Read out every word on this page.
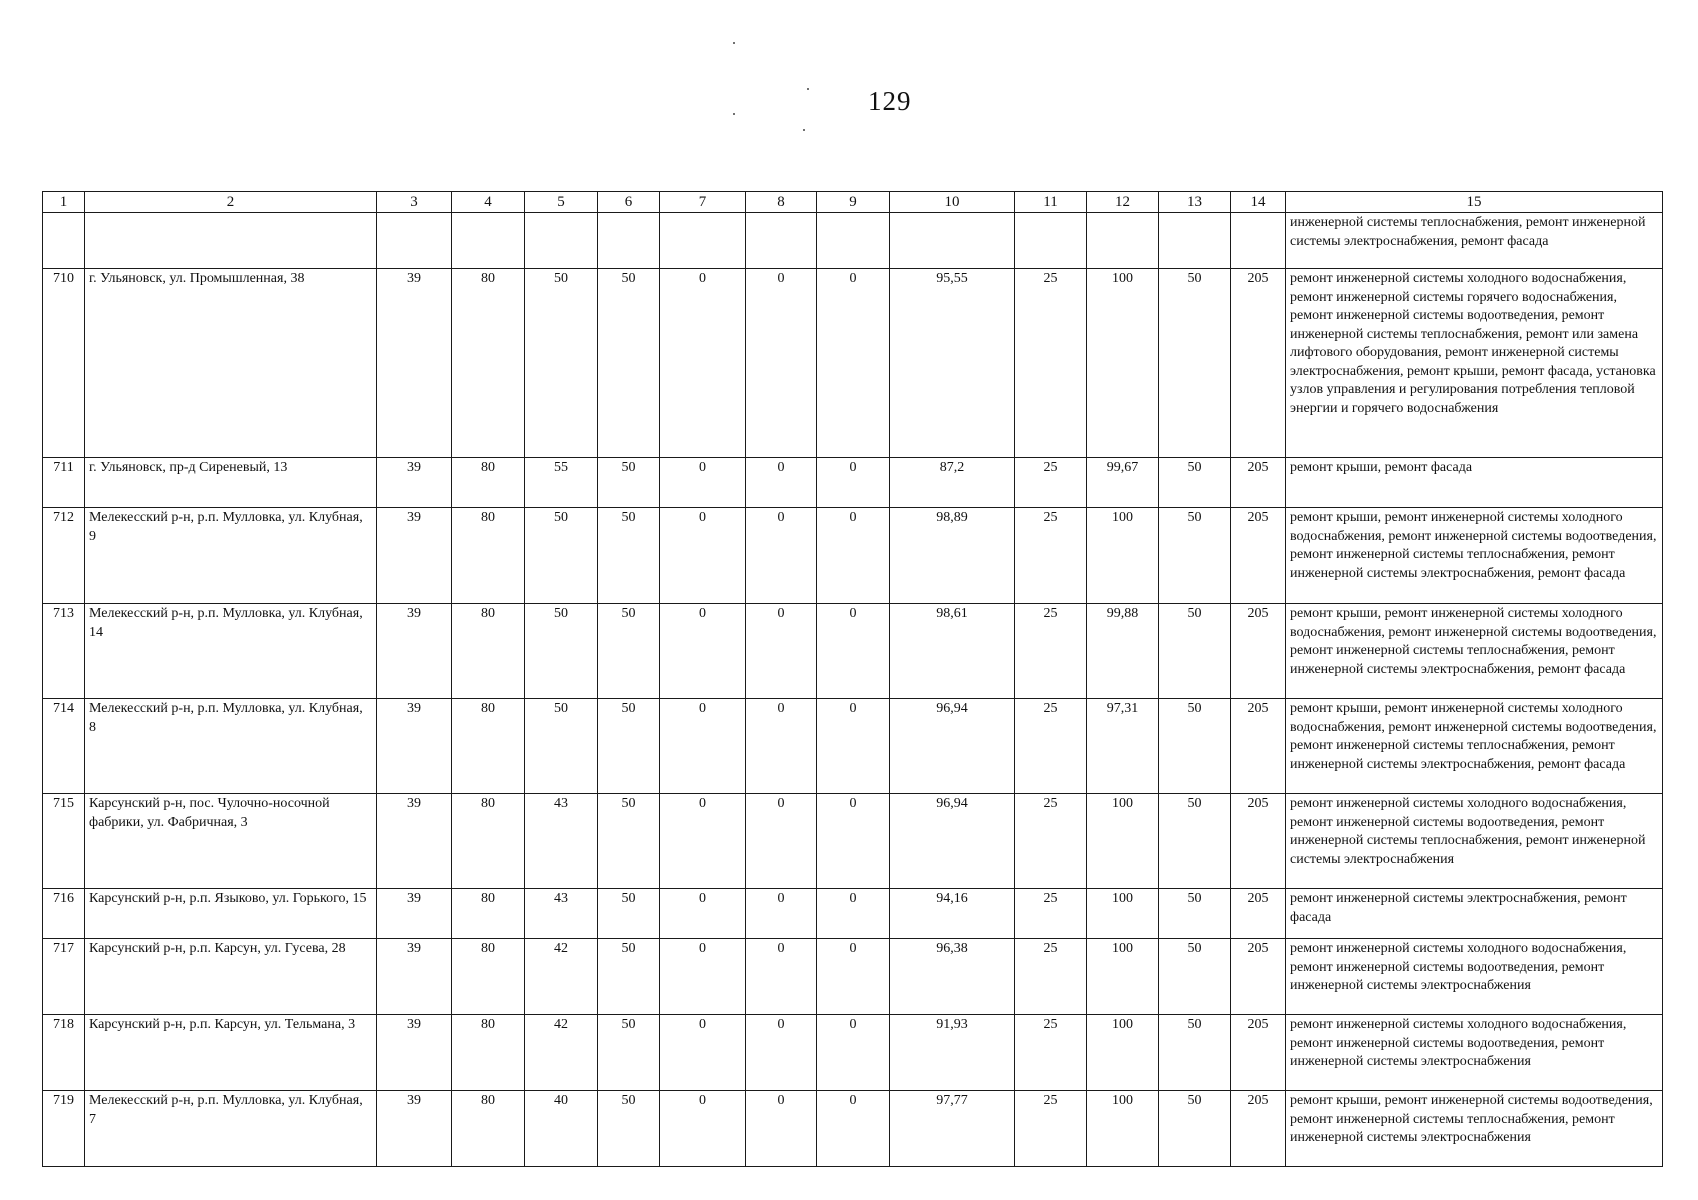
129
1	2	3	4	5	6	7	8	9	10	11	12	13	14	15
														инженерной системы теплоснабжения, ремонт инженерной системы электроснабжения, ремонт фасада
710	г. Ульяновск, ул. Промышленная, 38	39	80	50	50	0	0	0	95,55	25	100	50	205	ремонт инженерной системы холодного водоснабжения, ремонт инженерной системы горячего водоснабжения, ремонт инженерной системы водоотведения, ремонт инженерной системы теплоснабжения, ремонт или замена лифтового оборудования, ремонт инженерной системы электроснабжения, ремонт крыши, ремонт фасада, установка узлов управления и регулирования потребления тепловой энергии и горячего водоснабжения
711	г. Ульяновск, пр-д Сиреневый, 13	39	80	55	50	0	0	0	87,2	25	99,67	50	205	ремонт крыши, ремонт фасада
712	Мелекесский р-н, р.п. Мулловка, ул. Клубная, 9	39	80	50	50	0	0	0	98,89	25	100	50	205	ремонт крыши, ремонт инженерной системы холодного водоснабжения, ремонт инженерной системы водоотведения, ремонт инженерной системы теплоснабжения, ремонт инженерной системы электроснабжения, ремонт фасада
713	Мелекесский р-н, р.п. Мулловка, ул. Клубная, 14	39	80	50	50	0	0	0	98,61	25	99,88	50	205	ремонт крыши, ремонт инженерной системы холодного водоснабжения, ремонт инженерной системы водоотведения, ремонт инженерной системы теплоснабжения, ремонт инженерной системы электроснабжения, ремонт фасада
714	Мелекесский р-н, р.п. Мулловка, ул. Клубная, 8	39	80	50	50	0	0	0	96,94	25	97,31	50	205	ремонт крыши, ремонт инженерной системы холодного водоснабжения, ремонт инженерной системы водоотведения, ремонт инженерной системы теплоснабжения, ремонт инженерной системы электроснабжения, ремонт фасада
715	Карсунский р-н, пос. Чулочно-носочной фабрики, ул. Фабричная, 3	39	80	43	50	0	0	0	96,94	25	100	50	205	ремонт инженерной системы холодного водоснабжения, ремонт инженерной системы водоотведения, ремонт инженерной системы теплоснабжения, ремонт инженерной системы электроснабжения
716	Карсунский р-н, р.п. Языково, ул. Горького, 15	39	80	43	50	0	0	0	94,16	25	100	50	205	ремонт инженерной системы электроснабжения, ремонт фасада
717	Карсунский р-н, р.п. Карсун, ул. Гусева, 28	39	80	42	50	0	0	0	96,38	25	100	50	205	ремонт инженерной системы холодного водоснабжения, ремонт инженерной системы водоотведения, ремонт инженерной системы электроснабжения
718	Карсунский р-н, р.п. Карсун, ул. Тельмана, 3	39	80	42	50	0	0	0	91,93	25	100	50	205	ремонт инженерной системы холодного водоснабжения, ремонт инженерной системы водоотведения, ремонт инженерной системы электроснабжения
719	Мелекесский р-н, р.п. Мулловка, ул. Клубная, 7	39	80	40	50	0	0	0	97,77	25	100	50	205	ремонт крыши, ремонт инженерной системы водоотведения, ремонт инженерной системы теплоснабжения, ремонт инженерной системы электроснабжения
